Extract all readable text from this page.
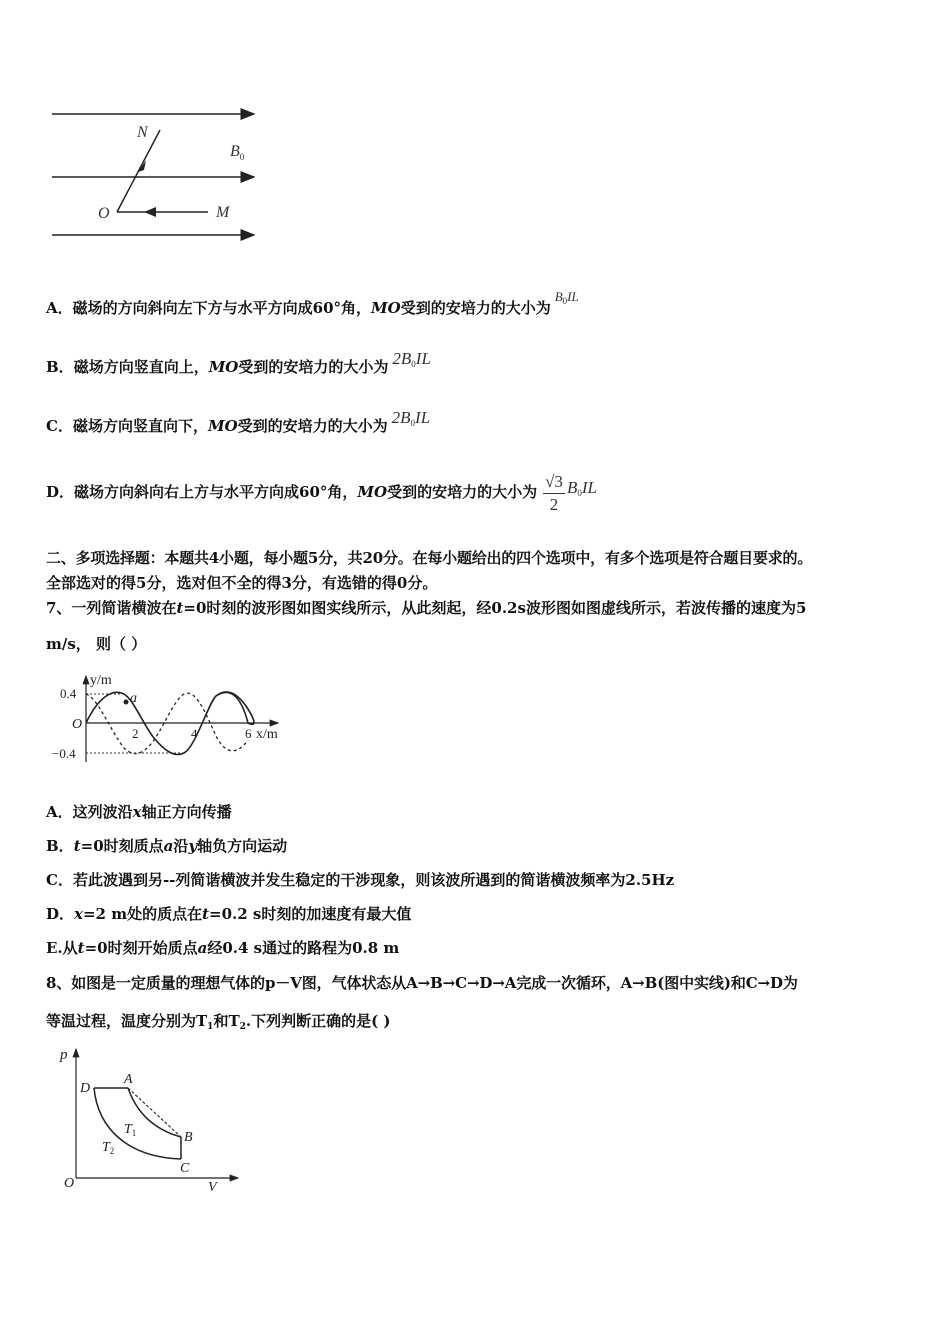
N
$B_0$
O	M
A．磁场的方向斜向左下方与水平方向成60°角，MO受到的安培力的大小为$B_0IL$
B．磁场方向竖直向上，MO受到的安培力的大小为 $2B_0IL$
C．磁场方向竖直向下，MO受到的安培力的大小为 $2B_0IL$
D．磁场方向斜向右上方与水平方向成60°角，MO受到的安培力的大小为 $\frac{√3}{2} B_0IL$
二、多项选择题：本题共4小题，每小题5分，共20分。在每小题给出的四个选项中，有多个选项是符合题目要求的。
全部选对的得5分，选对但不全的得3分，有选错的得0分。
7、一列简谐横波在t=0时刻的波形图如图实线所示，从此刻起，经0.2s波形图如图虚线所示，若波传播的速度为5
m/s， 则（ ）
a
y/m
x/m
O
0.4
−0.4
2	4	6
A．这列波沿x轴正方向传播
B．t=0时刻质点a沿y轴负方向运动
C．若此波遇到另--列简谐横波并发生稳定的干涉现象，则该波所遇到的简谐横波频率为2.5Hz
D．x=2 m处的质点在t=0.2 s时刻的加速度有最大值
E.从t=0时刻开始质点a经0.4 s通过的路程为0.8 m
8、如图是一定质量的理想气体的p－V图，气体状态从A→B→C→D→A完成一次循环，A→B(图中实线)和C→D为
等温过程，温度分别为$T_1$和$T_2$.下列判断正确的是( )
p
V
O
A
D
B
C
$T_1$
$T_2$
